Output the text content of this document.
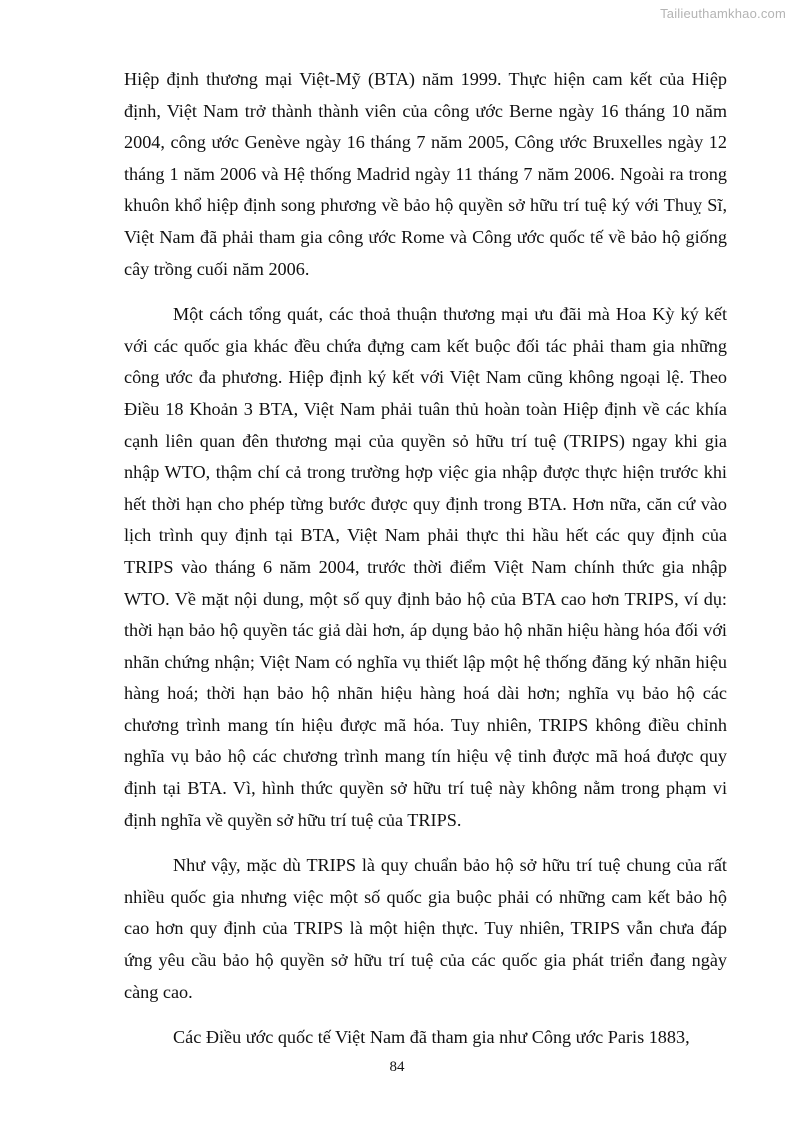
Tailieuthamkhao.com

Hiệp định thương mại Việt-Mỹ (BTA) năm 1999. Thực hiện cam kết của Hiệp định, Việt Nam trở thành thành viên của công ước Berne ngày 16 tháng 10 năm 2004, công ước Genève ngày 16 tháng 7 năm 2005, Công ước Bruxelles ngày 12 tháng 1 năm 2006 và Hệ thống Madrid ngày 11 tháng 7 năm 2006. Ngoài ra trong khuôn khổ hiệp định song phương về bảo hộ quyền sở hữu trí tuệ ký với Thuỵ Sĩ, Việt Nam đã phải tham gia công ước Rome và Công ước quốc tế về bảo hộ giống cây trồng cuối năm 2006.

Một cách tổng quát, các thoả thuận thương mại ưu đãi mà Hoa Kỳ ký kết với các quốc gia khác đều chứa đựng cam kết buộc đối tác phải tham gia những công ước đa phương. Hiệp định ký kết với Việt Nam cũng không ngoại lệ. Theo Điều 18 Khoản 3 BTA, Việt Nam phải tuân thủ hoàn toàn Hiệp định về các khía cạnh liên quan đên thương mại của quyền sỏ hữu trí tuệ (TRIPS) ngay khi gia nhập WTO, thậm chí cả trong trường hợp việc gia nhập được thực hiện trước khi hết thời hạn cho phép từng bước được quy định trong BTA. Hơn nữa, căn cứ vào lịch trình quy định tại BTA, Việt Nam phải thực thi hầu hết các quy định của TRIPS vào tháng 6 năm 2004, trước thời điểm Việt Nam chính thức gia nhập WTO. Về mặt nội dung, một số quy định bảo hộ của BTA cao hơn TRIPS, ví dụ: thời hạn bảo hộ quyền tác giả dài hơn, áp dụng bảo hộ nhãn hiệu hàng hóa đối với nhãn chứng nhận; Việt Nam có nghĩa vụ thiết lập một hệ thống đăng ký nhãn hiệu hàng hoá; thời hạn bảo hộ nhãn hiệu hàng hoá dài hơn; nghĩa vụ bảo hộ các chương trình mang tín hiệu được mã hóa. Tuy nhiên, TRIPS không điều chỉnh nghĩa vụ bảo hộ các chương trình mang tín hiệu vệ tinh được mã hoá được quy định tại BTA. Vì, hình thức quyền sở hữu trí tuệ này không nằm trong phạm vi định nghĩa về quyền sở hữu trí tuệ của TRIPS.

Như vậy, mặc dù TRIPS là quy chuẩn bảo hộ sở hữu trí tuệ chung của rất nhiều quốc gia nhưng việc một số quốc gia buộc phải có những cam kết bảo hộ cao hơn quy định của TRIPS là một hiện thực. Tuy nhiên, TRIPS vẫn chưa đáp ứng yêu cầu bảo hộ quyền sở hữu trí tuệ của các quốc gia phát triển đang ngày càng cao.

Các Điều ước quốc tế Việt Nam đã tham gia như Công ước Paris 1883,

84
